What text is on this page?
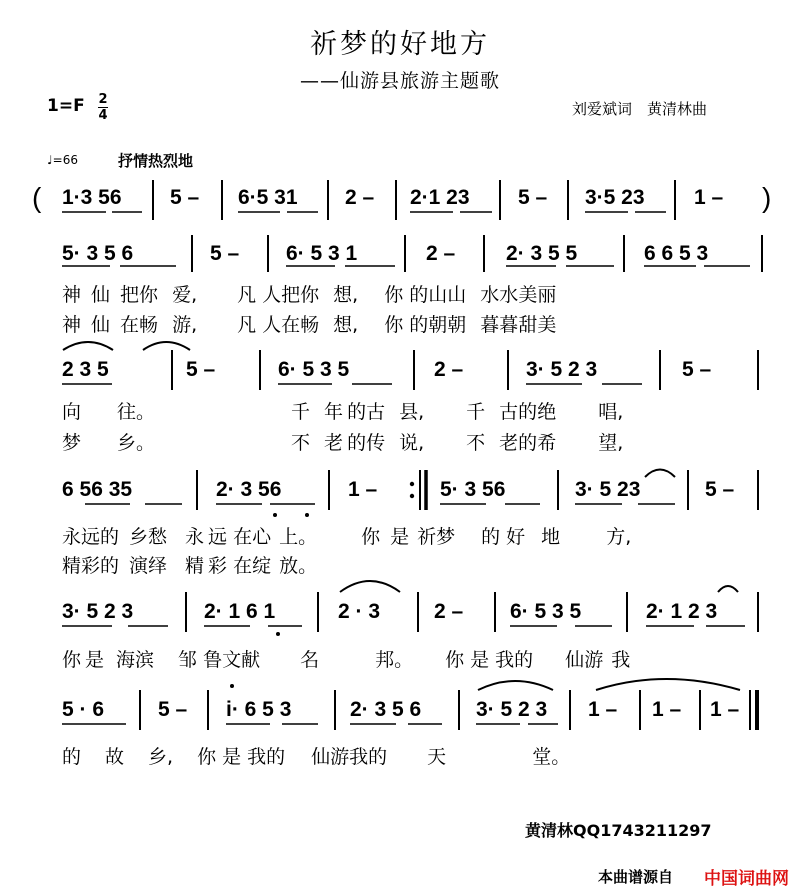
祈梦的好地方
——仙游县旅游主题歌
1=F 2
4	刘爱斌词　黄清林曲
♩=66	抒情热烈地
(	)
1·3 56 5 – 6·5 31 2 – 2·1 23 5 – 3·5 23 1 –
5· 3 5 6	5 – 6· 5 3 1	2 – 2· 3 5 5	6 6 5 3
神 仙 把你 爱, 凡 人把你 想, 你 的山山 水水美丽
神 仙 在畅 游, 凡 人在畅 想, 你 的朝朝 暮暮甜美
2 3 5	5 –	6· 5 3 5	2 –	3· 5 2 3	5 –
向 往。	千 年 的古 县, 千 古的绝 唱,
梦 乡。	不 老 的传 说, 不 老的希 望,
6 56 35	2· 3 56	1 –	5· 3 56	3· 5 23	5 –
永远的 乡愁 永 远 在心 上。 你 是 祈梦 的 好 地 方,
精彩的 演绎 精 彩 在绽 放。
3· 5 2 3	2· 1 6 1	2 · 3	2 – 6· 5 3 5	2· 1 2 3
你 是 海滨 邹 鲁文献 名	邦。 你 是 我的 仙游 我
5 · 6	5 – i· 6 5 3	2· 3 5 6	3· 5 2 3 1 – 1 – 1 –
的 故 乡, 你 是 我的 仙游我的 天	堂。
黄清林QQ1743211297
本曲谱源自 中国词曲网
